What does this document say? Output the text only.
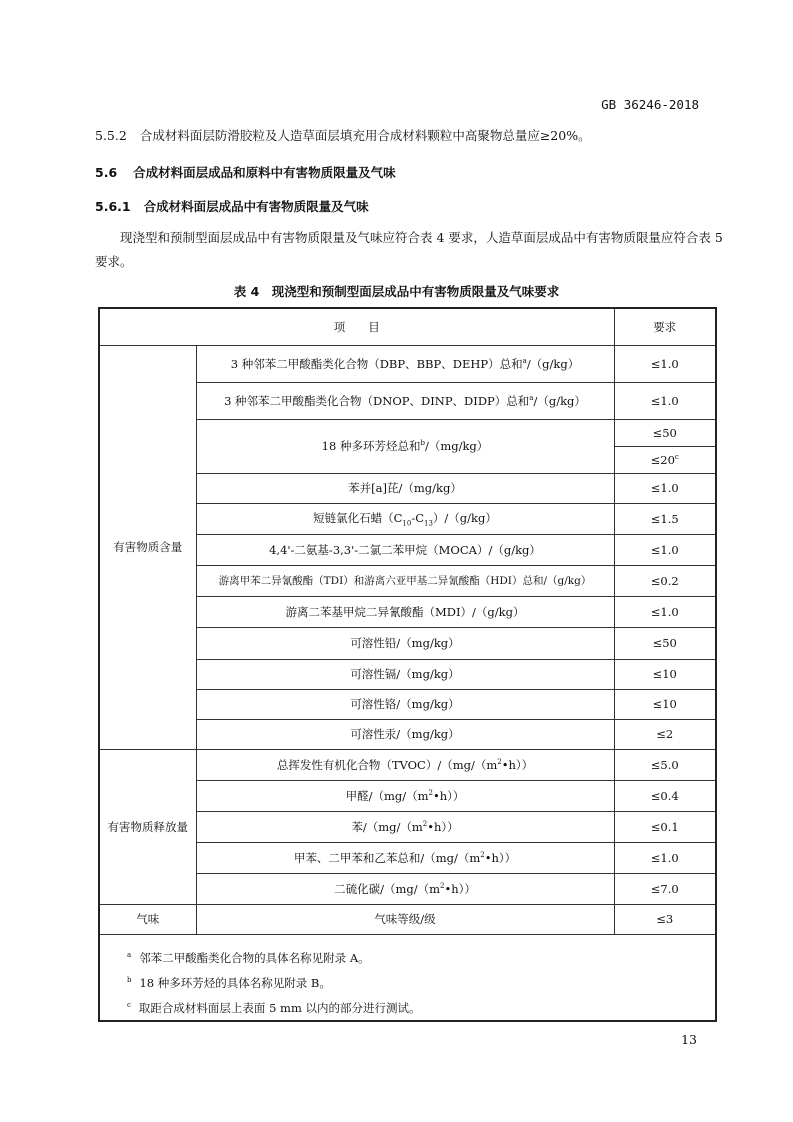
GB 36246-2018
5.5.2 合成材料面层防滑胶粒及人造草面层填充用合成材料颗粒中高聚物总量应≥20%。
5.6 合成材料面层成品和原料中有害物质限量及气味
5.6.1 合成材料面层成品中有害物质限量及气味
现浇型和预制型面层成品中有害物质限量及气味应符合表 4 要求，人造草面层成品中有害物质限量应符合表 5 要求。
表 4　现浇型和预制型面层成品中有害物质限量及气味要求
项　　目		要求
有害物质含量	3 种邻苯二甲酸酯类化合物（DBP、BBP、DEHP）总和$^a$/（g/kg）	≤1.0
	3 种邻苯二甲酸酯类化合物（DNOP、DINP、DIDP）总和$^a$/（g/kg）	≤1.0
	18 种多环芳烃总和$^b$/（mg/kg）	≤50
		≤20$^c$
	苯并[a]芘/（mg/kg）	≤1.0
	短链氯化石蜡$(C_{10}-C_{13})/(g/kg)$	≤1.5
	4,4'-二氨基-3,3'-二氯二苯甲烷（MOCA）/（g/kg）	≤1.0
	游离甲苯二异氰酸酯（TDI）和游离六亚甲基二异氰酸酯（HDI）总和/（g/kg）	≤0.2
	游离二苯基甲烷二异氰酸酯（MDI）/（g/kg）	≤1.0
	可溶性铅/（mg/kg）	≤50
	可溶性镉/（mg/kg）	≤10
	可溶性铬/（mg/kg）	≤10
	可溶性汞/（mg/kg）	≤2
有害物质释放量	总挥发性有机化合物$(TVOC)/(mg/(m^2•h))$	≤5.0
	甲醛$/(mg/(m^2•h))$	≤0.4
	苯$/(mg/(m^2•h))$	≤0.1
	甲苯、二甲苯和乙苯总和$/(mg/(m^2•h))$	≤1.0
	二硫化碳$/(mg/(m^2•h))$	≤7.0
气味	气味等级/级	≤3

$^a$ 邻苯二甲酸酯类化合物的具体名称见附录 A。
$^b$ 18 种多环芳烃的具体名称见附录 B。
$^c$ 取距合成材料面层上表面 5 mm 以内的部分进行测试。		
13
